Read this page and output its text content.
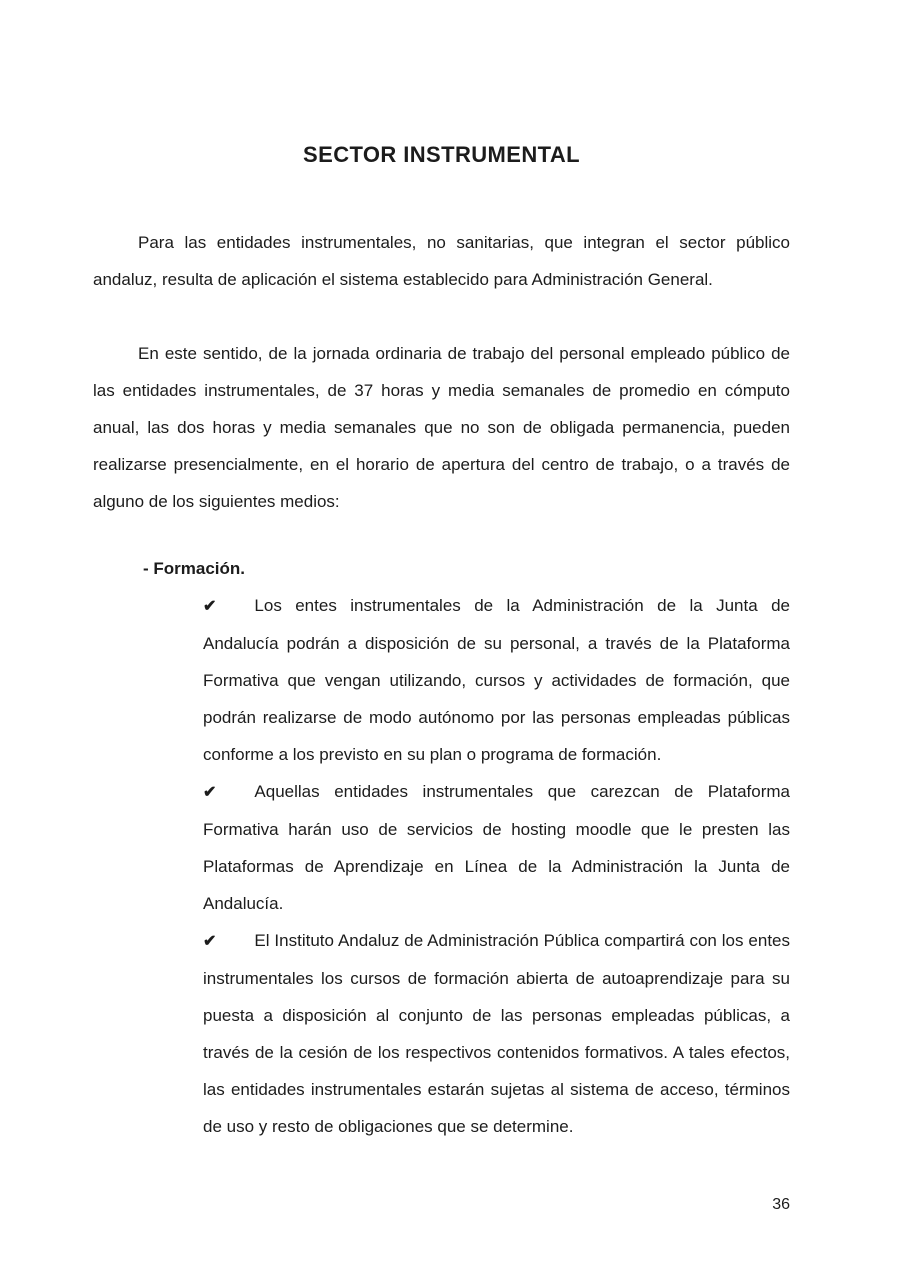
SECTOR INSTRUMENTAL

Para las entidades instrumentales, no sanitarias, que integran el sector público andaluz, resulta de aplicación el sistema establecido para Administración General.

En este sentido, de la jornada ordinaria de trabajo del personal empleado público de las entidades instrumentales, de 37 horas y media semanales de promedio en cómputo anual, las dos horas y media semanales que no son de obligada permanencia, pueden realizarse presencialmente, en el horario de apertura del centro de trabajo, o a través de alguno de los siguientes medios:

- Formación.

✔ Los entes instrumentales de la Administración de la Junta de Andalucía podrán a disposición de su personal, a través de la Plataforma Formativa que vengan utilizando, cursos y actividades de formación, que podrán realizarse de modo autónomo por las personas empleadas públicas conforme a los previsto en su plan o programa de formación.

✔ Aquellas entidades instrumentales que carezcan de Plataforma Formativa harán uso de servicios de hosting moodle que le presten las Plataformas de Aprendizaje en Línea de la Administración la Junta de Andalucía.

✔ El Instituto Andaluz de Administración Pública compartirá con los entes instrumentales los cursos de formación abierta de autoaprendizaje para su puesta a disposición al conjunto de las personas empleadas públicas, a través de la cesión de los respectivos contenidos formativos. A tales efectos, las entidades instrumentales estarán sujetas al sistema de acceso, términos de uso y resto de obligaciones que se determine.

36
